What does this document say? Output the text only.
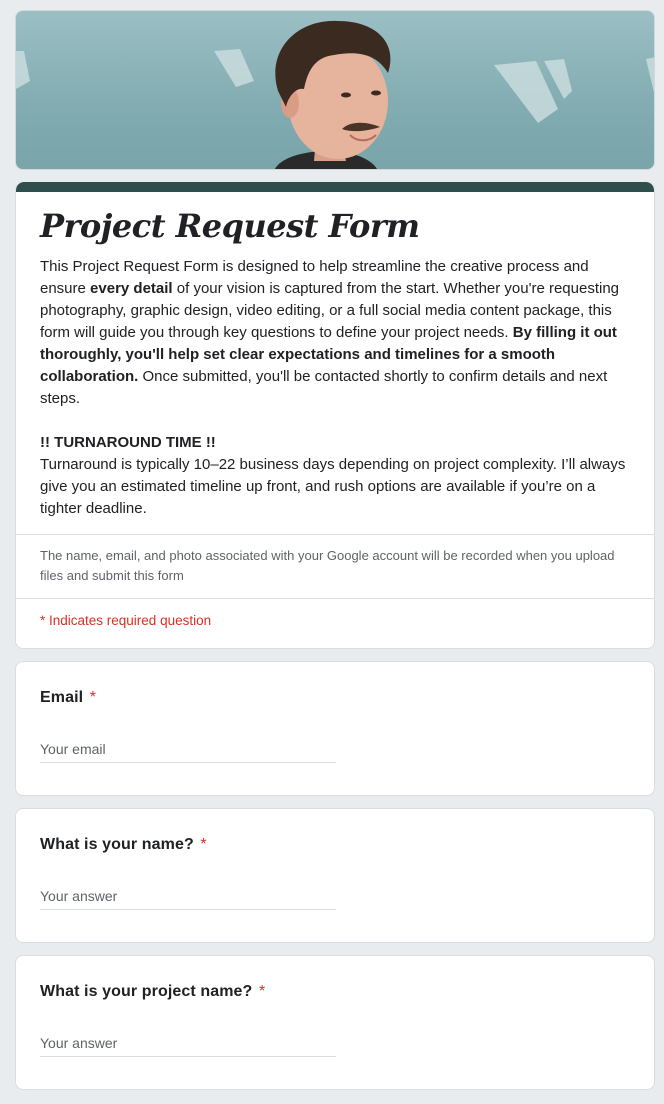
Project Request Form

This Project Request Form is designed to help streamline the creative process and ensure every detail of your vision is captured from the start. Whether you're requesting photography, graphic design, video editing, or a full social media content package, this form will guide you through key questions to define your project needs. By filling it out thoroughly, you'll help set clear expectations and timelines for a smooth collaboration. Once submitted, you'll be contacted shortly to confirm details and next steps.

!! TURNAROUND TIME !!

Turnaround is typically 10–22 business days depending on project complexity. I’ll always give you an estimated timeline up front, and rush options are available if you’re on a tighter deadline.

The name, email, and photo associated with your Google account will be recorded when you upload files and submit this form
* Indicates required question
Email *
Your email
What is your name? *
Your answer
What is your project name? *
Your answer
